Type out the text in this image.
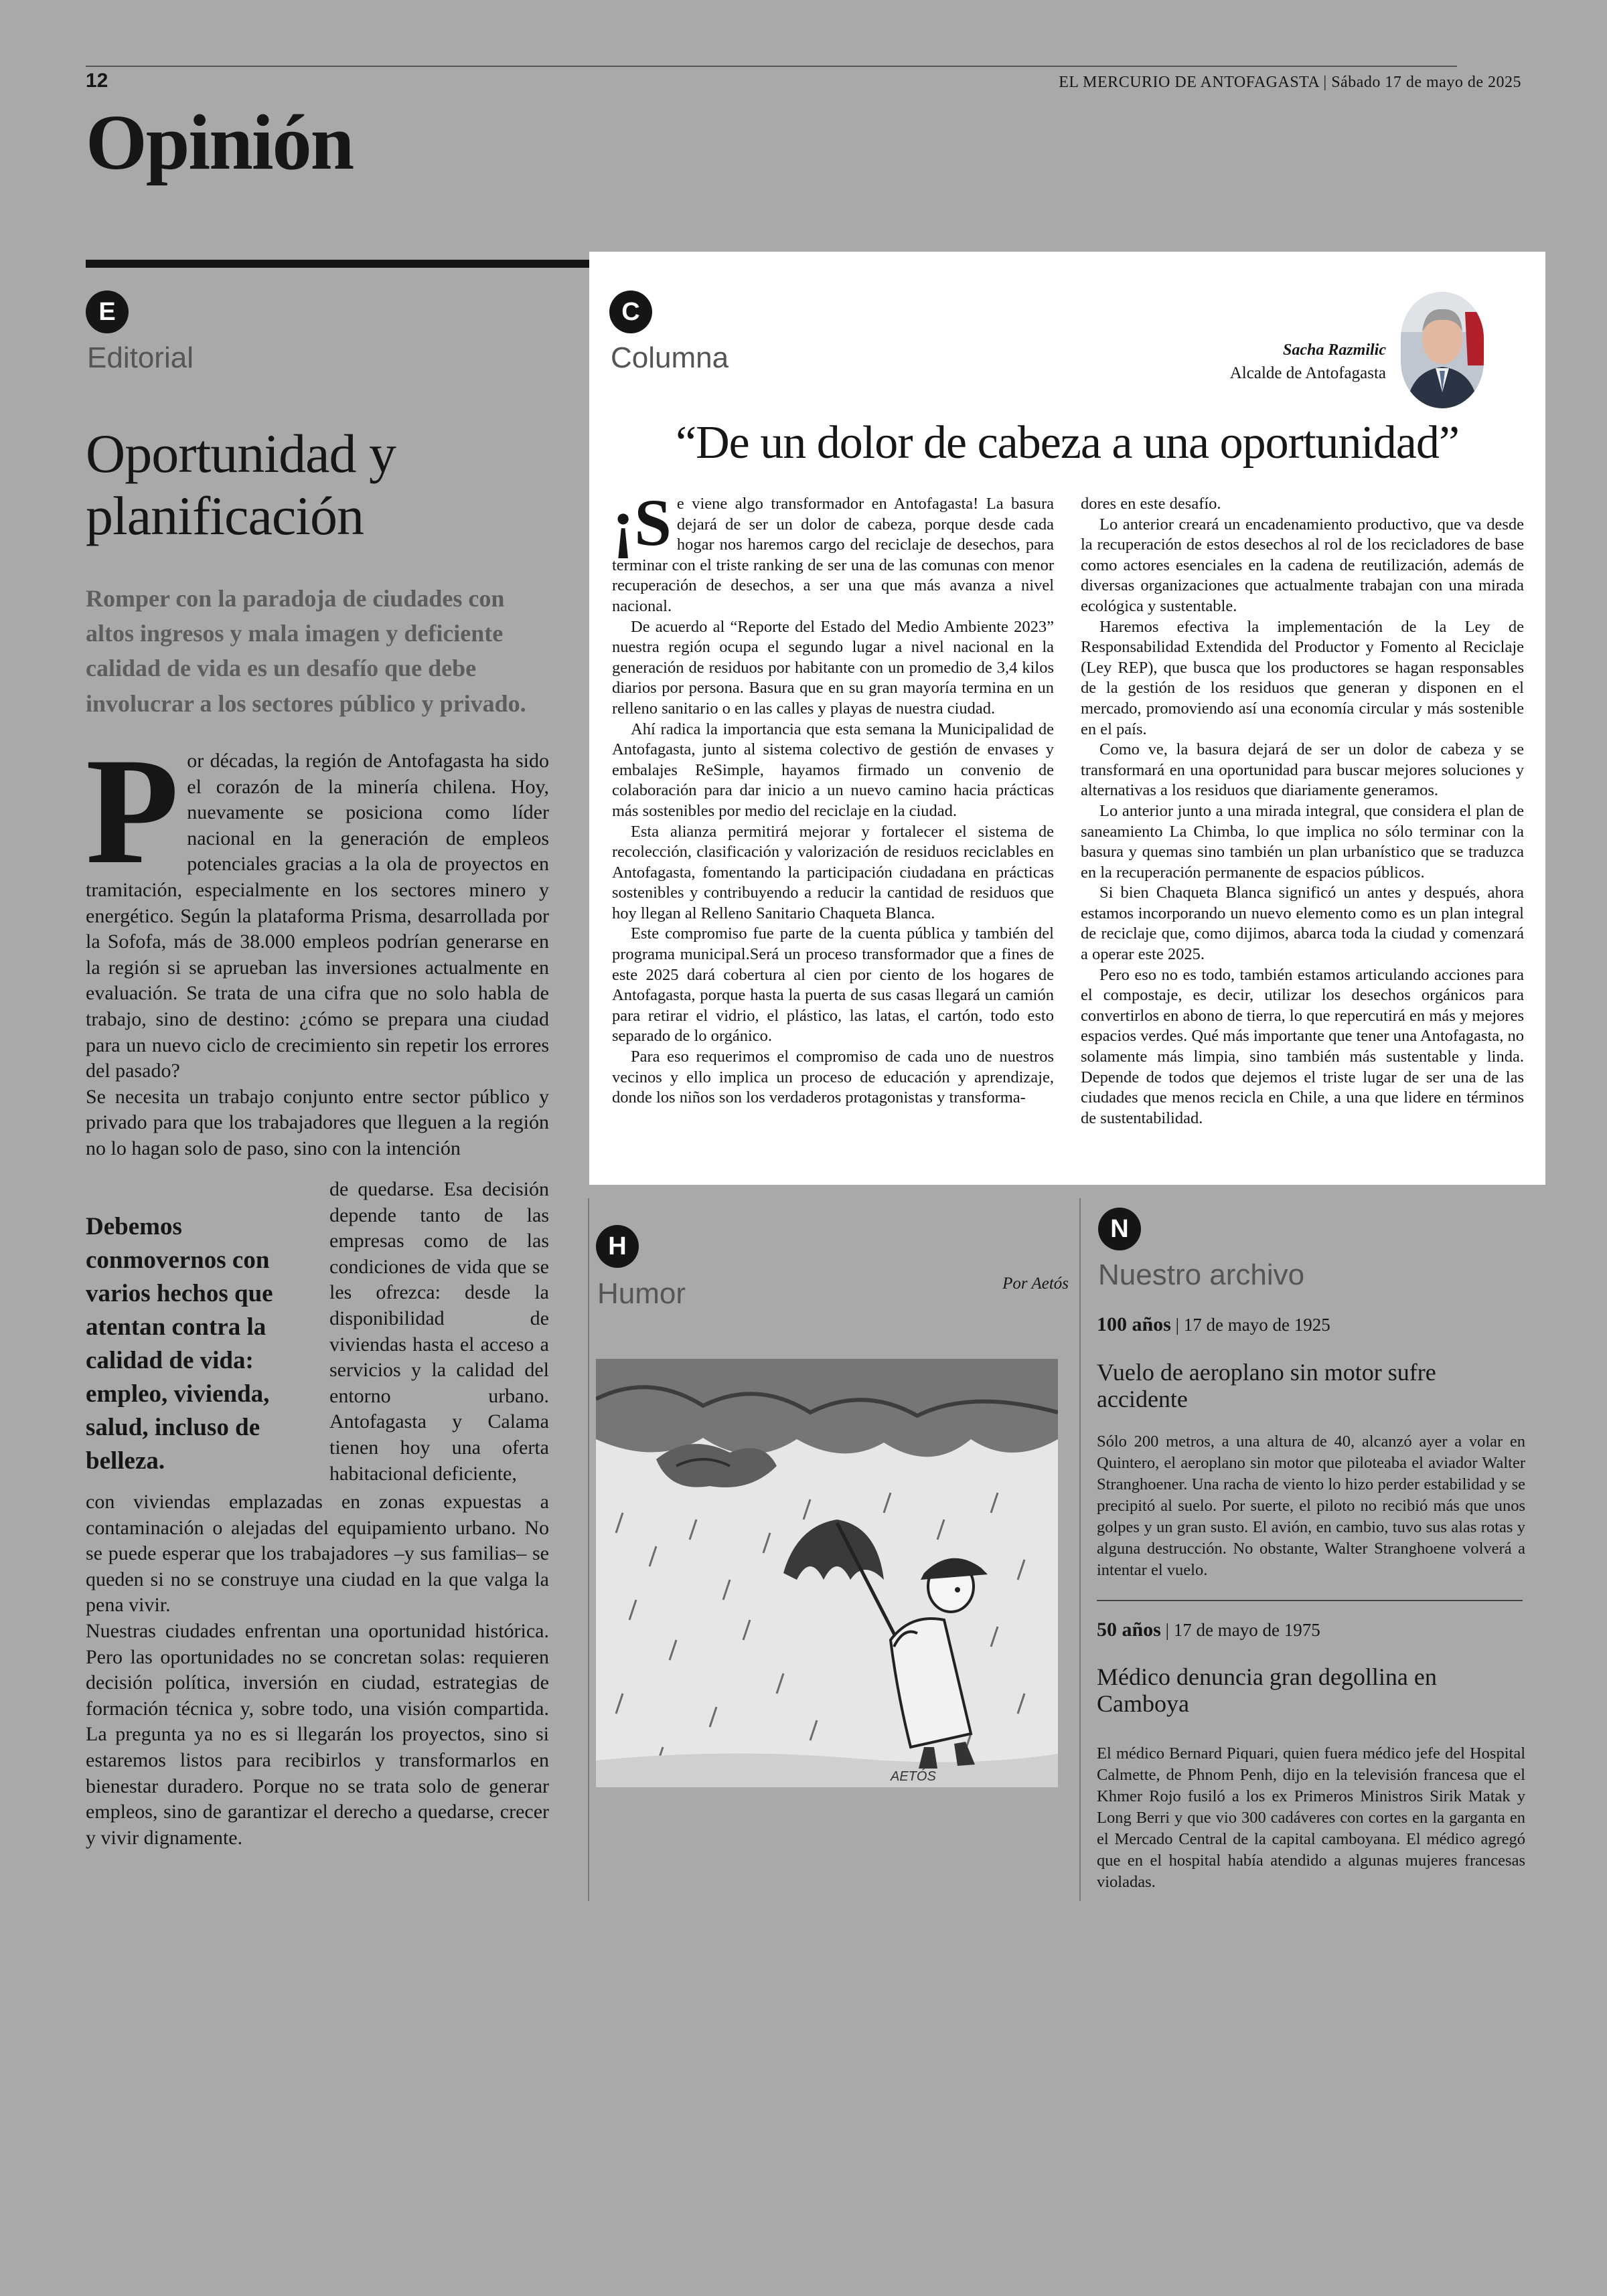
12	EL MERCURIO DE ANTOFAGASTA | Sábado 17 de mayo de 2025
Opinión
E
Editorial
Oportunidad y planificación
Romper con la paradoja de ciudades con altos ingresos y mala imagen y deficiente calidad de vida es un desafío que debe involucrar a los sectores público y privado.
P or décadas, la región de Antofagasta ha sido el corazón de la minería chilena. Hoy, nuevamente se posiciona como líder nacional en la generación de empleos potenciales gracias a la ola de proyectos en tramitación, especialmente en los sectores minero y energético. Según la plataforma Prisma, desarrollada por la Sofofa, más de 38.000 empleos podrían generarse en la región si se aprueban las inversiones actualmente en evaluación. Se trata de una cifra que no solo habla de trabajo, sino de destino: ¿cómo se prepara una ciudad para un nuevo ciclo de crecimiento sin repetir los errores del pasado?

Se necesita un trabajo conjunto entre sector público y privado para que los trabajadores que lleguen a la región no lo hagan solo de paso, sino con la intención

Debemos conmovernos con varios hechos que atentan contra la calidad de vida: empleo, vivienda, salud, incluso de belleza.
de quedarse. Esa decisión depende tanto de las empresas como de las condiciones de vida que se les ofrezca: desde la disponibilidad de viviendas hasta el acceso a servicios y la calidad del entorno urbano. Antofagasta y Calama tienen hoy una oferta habitacional deficiente,

con viviendas emplazadas en zonas expuestas a contaminación o alejadas del equipamiento urbano. No se puede esperar que los trabajadores –y sus familias– se queden si no se construye una ciudad en la que valga la pena vivir.

Nuestras ciudades enfrentan una oportunidad histórica. Pero las oportunidades no se concretan solas: requieren decisión política, inversión en ciudad, estrategias de formación técnica y, sobre todo, una visión compartida. La pregunta ya no es si llegarán los proyectos, sino si estaremos listos para recibirlos y transformarlos en bienestar duradero. Porque no se trata solo de generar empleos, sino de garantizar el derecho a quedarse, crecer y vivir dignamente.

C
Columna	Sacha Razmilic
Alcalde de Antofagasta
“De un dolor de cabeza a una oportunidad”
¡S e viene algo transformador en Antofagasta! La basura dejará de ser un dolor de cabeza, porque desde cada hogar nos haremos cargo del reciclaje de desechos, para terminar con el triste ranking de ser una de las comunas con menor recuperación de desechos, a ser una que más avanza a nivel nacional.

De acuerdo al “Reporte del Estado del Medio Ambiente 2023” nuestra región ocupa el segundo lugar a nivel nacional en la generación de residuos por habitante con un promedio de 3,4 kilos diarios por persona. Basura que en su gran mayoría termina en un relleno sanitario o en las calles y playas de nuestra ciudad.

Ahí radica la importancia que esta semana la Municipalidad de Antofagasta, junto al sistema colectivo de gestión de envases y embalajes ReSimple, hayamos firmado un convenio de colaboración para dar inicio a un nuevo camino hacia prácticas más sostenibles por medio del reciclaje en la ciudad.

Esta alianza permitirá mejorar y fortalecer el sistema de recolección, clasificación y valorización de residuos reciclables en Antofagasta, fomentando la participación ciudadana en prácticas sostenibles y contribuyendo a reducir la cantidad de residuos que hoy llegan al Relleno Sanitario Chaqueta Blanca.

Este compromiso fue parte de la cuenta pública y también del programa municipal.Será un proceso transformador que a fines de este 2025 dará cobertura al cien por ciento de los hogares de Antofagasta, porque hasta la puerta de sus casas llegará un camión para retirar el vidrio, el plástico, las latas, el cartón, todo esto separado de lo orgánico.

Para eso requerimos el compromiso de cada uno de nuestros vecinos y ello implica un proceso de educación y aprendizaje, donde los niños son los verdaderos protagonistas y transforma-

dores en este desafío.

Lo anterior creará un encadenamiento productivo, que va desde la recuperación de estos desechos al rol de los recicladores de base como actores esenciales en la cadena de reutilización, además de diversas organizaciones que actualmente trabajan con una mirada ecológica y sustentable.

Haremos efectiva la implementación de la Ley de Responsabilidad Extendida del Productor y Fomento al Reciclaje (Ley REP), que busca que los productores se hagan responsables de la gestión de los residuos que generan y disponen en el mercado, promoviendo así una economía circular y más sostenible en el país.

Como ve, la basura dejará de ser un dolor de cabeza y se transformará en una oportunidad para buscar mejores soluciones y alternativas a los residuos que diariamente generamos.

Lo anterior junto a una mirada integral, que considera el plan de saneamiento La Chimba, lo que implica no sólo terminar con la basura y quemas sino también un plan urbanístico que se traduzca en la recuperación permanente de espacios públicos.

Si bien Chaqueta Blanca significó un antes y después, ahora estamos incorporando un nuevo elemento como es un plan integral de reciclaje que, como dijimos, abarca toda la ciudad y comenzará a operar este 2025.

Pero eso no es todo, también estamos articulando acciones para el compostaje, es decir, utilizar los desechos orgánicos para convertirlos en abono de tierra, lo que repercutirá en más y mejores espacios verdes. Qué más importante que tener una Antofagasta, no solamente más limpia, sino también más sustentable y linda. Depende de todos que dejemos el triste lugar de ser una de las ciudades que menos recicla en Chile, a una que lidere en términos de sustentabilidad.

H
Humor	Por Aetós
AETÓS
N
Nuestro archivo
100 años | 17 de mayo de 1925
Vuelo de aeroplano sin motor sufre accidente
Sólo 200 metros, a una altura de 40, alcanzó ayer a volar en Quintero, el aeroplano sin motor que piloteaba el aviador Walter Stranghoener. Una racha de viento lo hizo perder estabilidad y se precipitó al suelo. Por suerte, el piloto no recibió más que unos golpes y un gran susto. El avión, en cambio, tuvo sus alas rotas y alguna destrucción. No obstante, Walter Stranghoene volverá a intentar el vuelo.
50 años | 17 de mayo de 1975
Médico denuncia gran degollina en Camboya
El médico Bernard Piquari, quien fuera médico jefe del Hospital Calmette, de Phnom Penh, dijo en la televisión francesa que el Khmer Rojo fusiló a los ex Primeros Ministros Sirik Matak y Long Berri y que vio 300 cadáveres con cortes en la garganta en el Mercado Central de la capital camboyana. El médico agregó que en el hospital había atendido a algunas mujeres francesas violadas.
